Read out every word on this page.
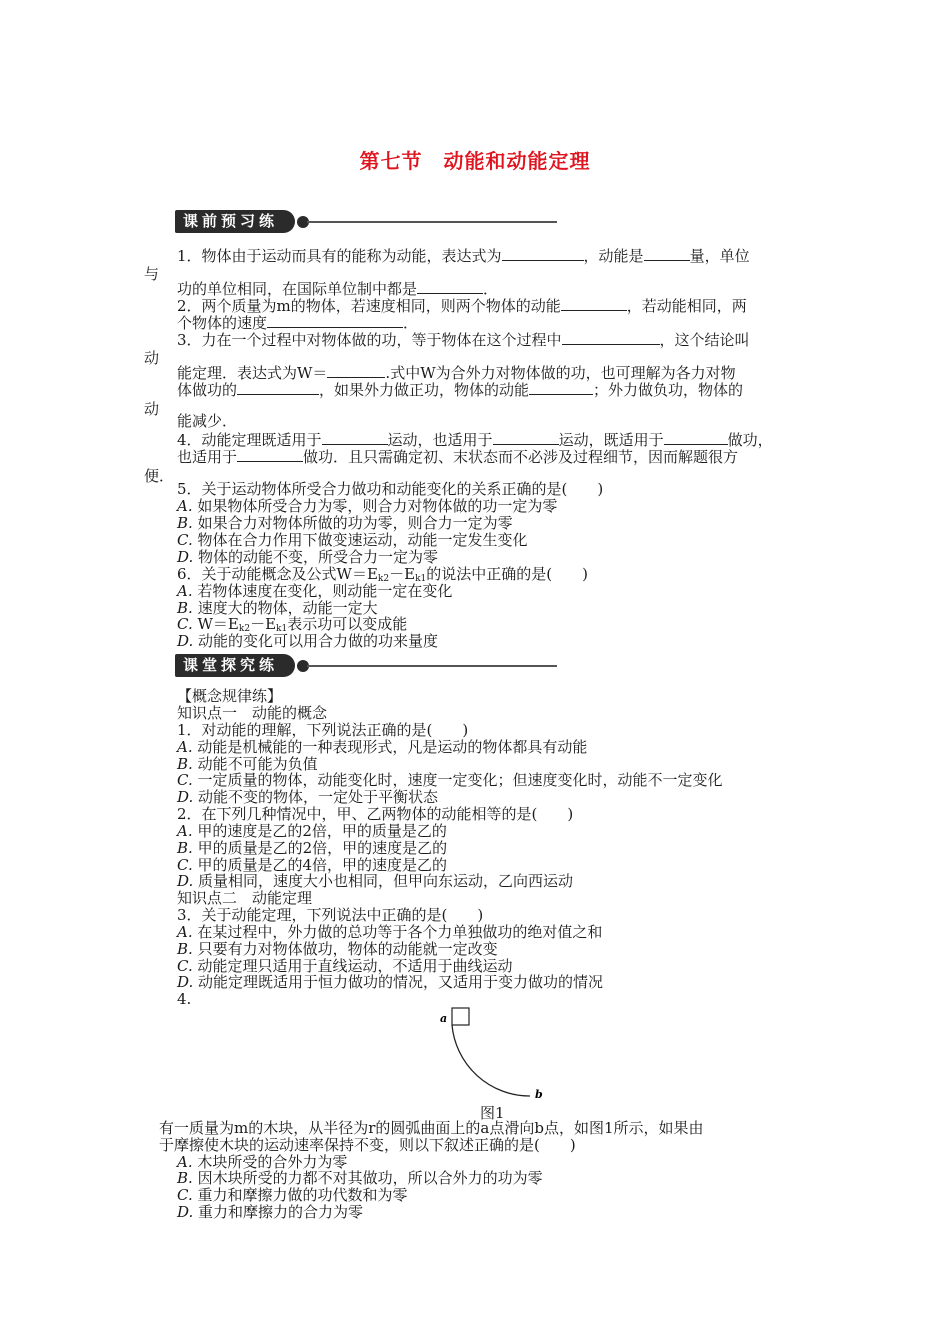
第七节　动能和动能定理
课前预习练
与
动
动
便．
1．物体由于运动而具有的能称为动能，表达式为	，动能是	量，单位
功的单位相同，在国际单位制中都是	．
2．两个质量为m的物体，若速度相同，则两个物体的动能	，若动能相同，两
个物体的速度	．
3．力在一个过程中对物体做的功，等于物体在这个过程中	，这个结论叫
能定理．表达式为W＝	.式中W为合外力对物体做的功，也可理解为各力对物
体做功的	，如果外力做正功，物体的动能	；外力做负功，物体的
能减少．
4．动能定理既适用于	运动，也适用于	运动，既适用于	做功，
也适用于	做功．且只需确定初、末状态而不必涉及过程细节，因而解题很方
5．关于运动物体所受合力做功和动能变化的关系正确的是(　　)
A. 如果物体所受合力为零，则合力对物体做的功一定为零
B. 如果合力对物体所做的功为零，则合力一定为零
C. 物体在合力作用下做变速运动，动能一定发生变化
D. 物体的动能不变，所受合力一定为零
6．关于动能概念及公式$W=E_{k2}-E_{k1}$的说法中正确的是(　　)
A. 若物体速度在变化，则动能一定在变化
B. 速度大的物体，动能一定大
C. $W=E_{k2}-E_{k1}$表示功可以变成能
D. 动能的变化可以用合力做的功来量度
课堂探究练
【概念规律练】
知识点一　动能的概念
1．对动能的理解，下列说法正确的是(　　)
A. 动能是机械能的一种表现形式，凡是运动的物体都具有动能
B. 动能不可能为负值
C. 一定质量的物体，动能变化时，速度一定变化；但速度变化时，动能不一定变化
D. 动能不变的物体，一定处于平衡状态
2．在下列几种情况中，甲、乙两物体的动能相等的是(　　)
A. 甲的速度是乙的2倍，甲的质量是乙的
B. 甲的质量是乙的2倍，甲的速度是乙的
C. 甲的质量是乙的4倍，甲的速度是乙的
D. 质量相同，速度大小也相同，但甲向东运动，乙向西运动
知识点二　动能定理
3．关于动能定理，下列说法中正确的是(　　)
A. 在某过程中，外力做的总功等于各个力单独做功的绝对值之和
B. 只要有力对物体做功，物体的动能就一定改变
C. 动能定理只适用于直线运动，不适用于曲线运动
D. 动能定理既适用于恒力做功的情况，又适用于变力做功的情况
4.
a
b
图1
有一质量为m的木块，从半径为r的圆弧曲面上的a点滑向b点，如图1所示，如果由
于摩擦使木块的运动速率保持不变，则以下叙述正确的是(　　)
A. 木块所受的合外力为零
B. 因木块所受的力都不对其做功，所以合外力的功为零
C. 重力和摩擦力做的功代数和为零
D. 重力和摩擦力的合力为零
